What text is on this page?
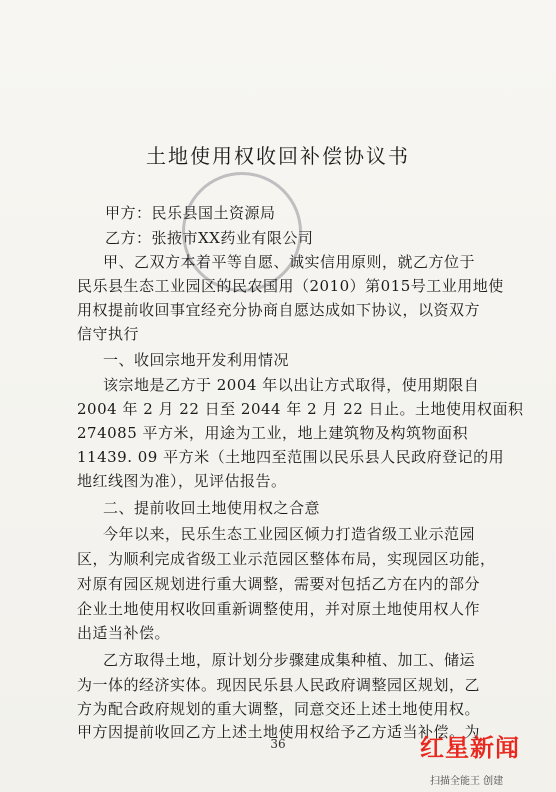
土地使用权收回补偿协议书
甲方：民乐县国土资源局
乙方：张掖市XX药业有限公司
甲、乙双方本着平等自愿、诚实信用原则，就乙方位于
民乐县生态工业园区的民农国用（2010）第015号工业用地使
用权提前收回事宜经充分协商自愿达成如下协议，以资双方
信守执行
一、收回宗地开发利用情况
该宗地是乙方于 2004 年以出让方式取得，使用期限自
2004 年 2 月 22 日至 2044 年 2 月 22 日止。土地使用权面积
274085 平方米，用途为工业，地上建筑物及构筑物面积
11439. 09 平方米（土地四至范围以民乐县人民政府登记的用
地红线图为准），见评估报告。
二、提前收回土地使用权之合意
今年以来，民乐生态工业园区倾力打造省级工业示范园
区，为顺利完成省级工业示范园区整体布局，实现园区功能，
对原有园区规划进行重大调整，需要对包括乙方在内的部分
企业土地使用权收回重新调整使用，并对原土地使用权人作
出适当补偿。
乙方取得土地，原计划分步骤建成集种植、加工、储运
为一体的经济实体。现因民乐县人民政府调整园区规划，乙
方为配合政府规划的重大调整，同意交还上述土地使用权。
甲方因提前收回乙方上述土地使用权给予乙方适当补偿。为
36	红星新闻
扫描全能王 创建
